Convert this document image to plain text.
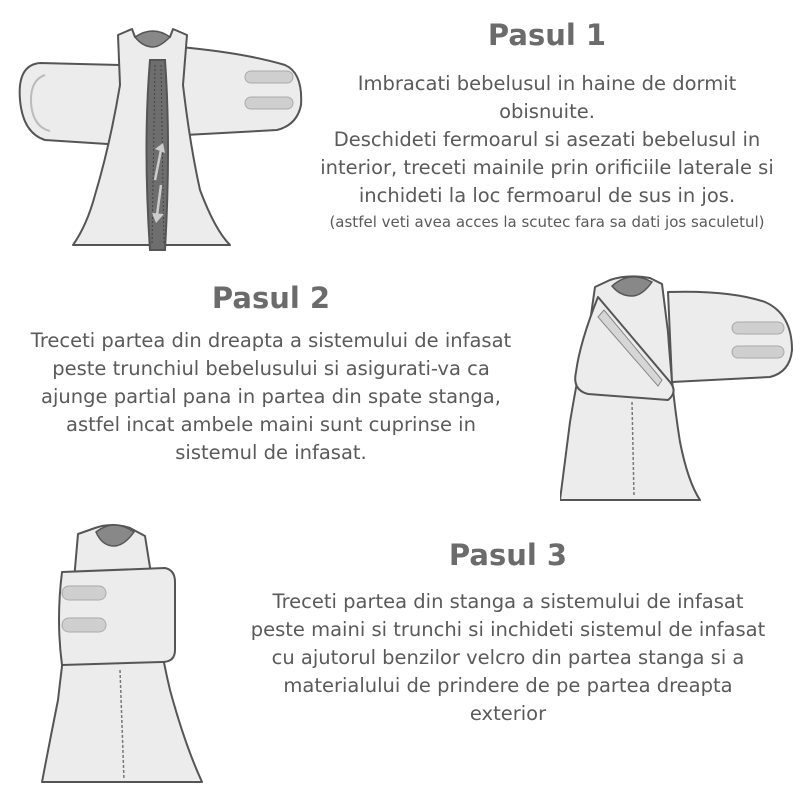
Pasul 1

Imbracati bebelusul in haine de dormit

obisnuite.

Deschideti fermoarul si asezati bebelusul in

interior, treceti mainile prin orificiile laterale si

inchideti la loc fermoarul de sus in jos.

(astfel veti avea acces la scutec fara sa dati jos saculetul)

Pasul 2

Treceti partea din dreapta a sistemului de infasat

peste trunchiul bebelusului si asigurati-va ca

ajunge partial pana in partea din spate stanga,

astfel incat ambele maini sunt cuprinse in

sistemul de infasat.

Pasul 3

Treceti partea din stanga a sistemului de infasat

peste maini si trunchi si inchideti sistemul de infasat

cu ajutorul benzilor velcro din partea stanga si a

materialului de prindere de pe partea dreapta

exterior
